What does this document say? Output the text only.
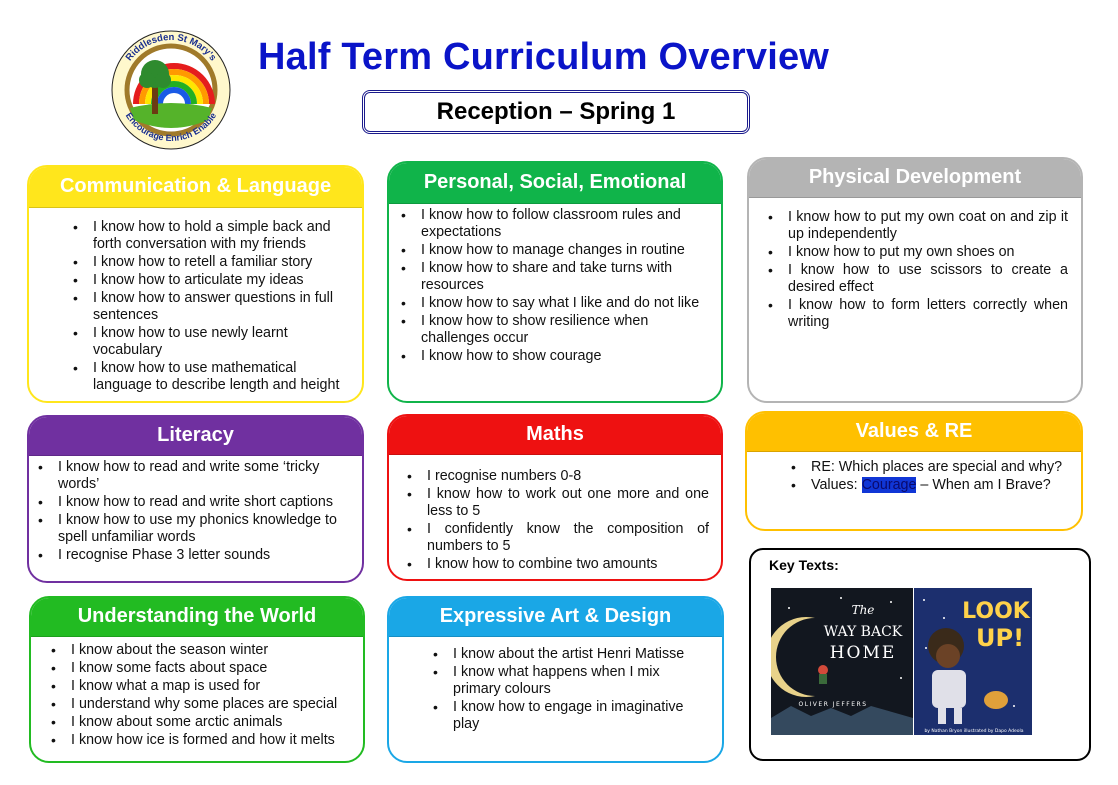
Riddlesden St Mary's
Encourage Enrich Enable
Half Term Curriculum Overview
Reception – Spring 1
Communication & Language
• I know how to hold a simple back and forth conversation with my friends
• I know how to retell a familiar story
• I know how to articulate my ideas
• I know how to answer questions in full sentences
• I know how to use newly learnt vocabulary
• I know how to use mathematical language to describe length and height
Personal, Social, Emotional
• I know how to follow classroom rules and expectations
• I know how to manage changes in routine
• I know how to share and take turns with resources
• I know how to say what I like and do not like
• I know how to show resilience when challenges occur
• I know how to show courage
Physical Development
• I know how to put my own coat on and zip it up independently
• I know how to put my own shoes on
• I know how to use scissors to create a desired effect
• I know how to form letters correctly when writing
Literacy
• I know how to read and write some ‘tricky words’
• I know how to read and write short captions
• I know how to use my phonics knowledge to spell unfamiliar words
• I recognise Phase 3 letter sounds
Maths
• I recognise numbers 0-8
• I know how to work out one more and one less to 5
• I confidently know the composition of numbers to 5
• I know how to combine two amounts
Values & RE
• RE: Which places are special and why?
• Values: Courage – When am I Brave?
Understanding the World
• I know about the season winter
• I know some facts about space
• I know what a map is used for
• I understand why some places are special
• I know about some arctic animals
• I know how ice is formed and how it melts
Expressive Art & Design
• I know about the artist Henri Matisse
• I know what happens when I mix primary colours
• I know how to engage in imaginative play
Key Texts:
The
WAY BACK
HOME
OLIVER JEFFERS
LOOK
UP!
by Nathan Bryon illustrated by Dapo Adeola
